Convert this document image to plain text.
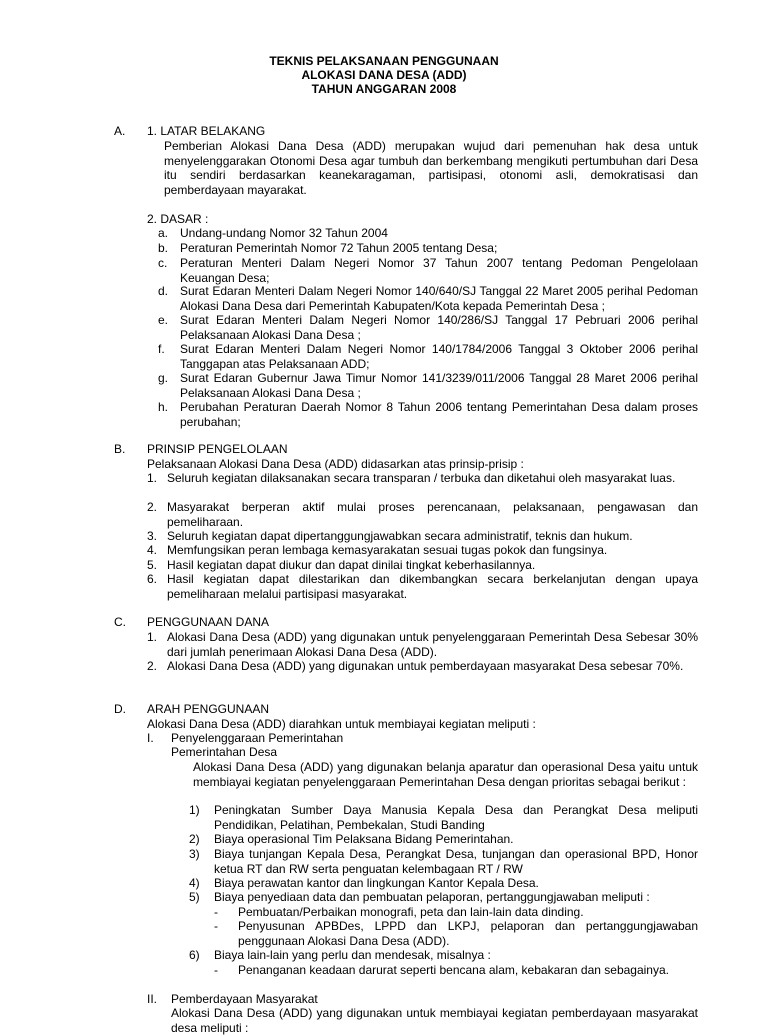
TEKNIS PELAKSANAAN PENGGUNAAN
ALOKASI DANA DESA (ADD)
TAHUN ANGGARAN 2008
A. 1. LATAR BELAKANG
Pemberian Alokasi Dana Desa (ADD) merupakan wujud dari pemenuhan hak desa untuk menyelenggarakan Otonomi Desa agar tumbuh dan berkembang mengikuti pertumbuhan dari Desa itu sendiri berdasarkan keanekaragaman, partisipasi, otonomi asli, demokratisasi dan pemberdayaan mayarakat.
2. DASAR :
a. Undang-undang Nomor 32 Tahun 2004
b. Peraturan Pemerintah Nomor 72 Tahun 2005 tentang Desa;
c. Peraturan Menteri Dalam Negeri Nomor 37 Tahun 2007 tentang Pedoman Pengelolaan Keuangan Desa;
d. Surat Edaran Menteri Dalam Negeri Nomor 140/640/SJ Tanggal 22 Maret 2005 perihal Pedoman Alokasi Dana Desa dari Pemerintah Kabupaten/Kota kepada Pemerintah Desa ;
e. Surat Edaran Menteri Dalam Negeri Nomor 140/286/SJ Tanggal 17 Pebruari 2006 perihal Pelaksanaan Alokasi Dana Desa ;
f. Surat Edaran Menteri Dalam Negeri Nomor 140/1784/2006 Tanggal 3 Oktober 2006 perihal Tanggapan atas Pelaksanaan ADD;
g. Surat Edaran Gubernur Jawa Timur Nomor 141/3239/011/2006 Tanggal 28 Maret 2006 perihal Pelaksanaan Alokasi Dana Desa ;
h. Perubahan Peraturan Daerah Nomor 8 Tahun 2006 tentang Pemerintahan Desa dalam proses perubahan;
B. PRINSIP PENGELOLAAN
Pelaksanaan Alokasi Dana Desa (ADD) didasarkan atas prinsip-prisip :
1. Seluruh kegiatan dilaksanakan secara transparan / terbuka dan diketahui oleh masyarakat luas.
2. Masyarakat berperan aktif mulai proses perencanaan, pelaksanaan, pengawasan dan pemeliharaan.
3. Seluruh kegiatan dapat dipertanggungjawabkan secara administratif, teknis dan hukum.
4. Memfungsikan peran lembaga kemasyarakatan sesuai tugas pokok dan fungsinya.
5. Hasil kegiatan dapat diukur dan dapat dinilai tingkat keberhasilannya.
6. Hasil kegiatan dapat dilestarikan dan dikembangkan secara berkelanjutan dengan upaya pemeliharaan melalui partisipasi masyarakat.
C. PENGGUNAAN DANA
1. Alokasi Dana Desa (ADD) yang digunakan untuk penyelenggaraan Pemerintah Desa Sebesar 30% dari jumlah penerimaan Alokasi Dana Desa (ADD).
2. Alokasi Dana Desa (ADD) yang digunakan untuk pemberdayaan masyarakat Desa sebesar 70%.
D. ARAH PENGGUNAAN
Alokasi Dana Desa (ADD) diarahkan untuk membiayai kegiatan meliputi :
I. Penyelenggaraan Pemerintahan
Pemerintahan Desa
Alokasi Dana Desa (ADD) yang digunakan belanja aparatur dan operasional Desa yaitu untuk membiayai kegiatan penyelenggaraan Pemerintahan Desa dengan prioritas sebagai berikut :
1) Peningkatan Sumber Daya Manusia Kepala Desa dan Perangkat Desa meliputi Pendidikan, Pelatihan, Pembekalan, Studi Banding
2) Biaya operasional Tim Pelaksana Bidang Pemerintahan.
3) Biaya tunjangan Kepala Desa, Perangkat Desa, tunjangan dan operasional BPD, Honor ketua RT dan RW serta penguatan kelembagaan RT / RW
4) Biaya perawatan kantor dan lingkungan Kantor Kepala Desa.
5) Biaya penyediaan data dan pembuatan pelaporan, pertanggungjawaban meliputi :
- Pembuatan/Perbaikan monografi, peta dan lain-lain data dinding.
- Penyusunan APBDes, LPPD dan LKPJ, pelaporan dan pertanggungjawaban penggunaan Alokasi Dana Desa (ADD).
6) Biaya lain-lain yang perlu dan mendesak, misalnya :
- Penanganan keadaan darurat seperti bencana alam, kebakaran dan sebagainya.
II. Pemberdayaan Masyarakat
Alokasi Dana Desa (ADD) yang digunakan untuk membiayai kegiatan pemberdayaan masyarakat desa meliputi :
